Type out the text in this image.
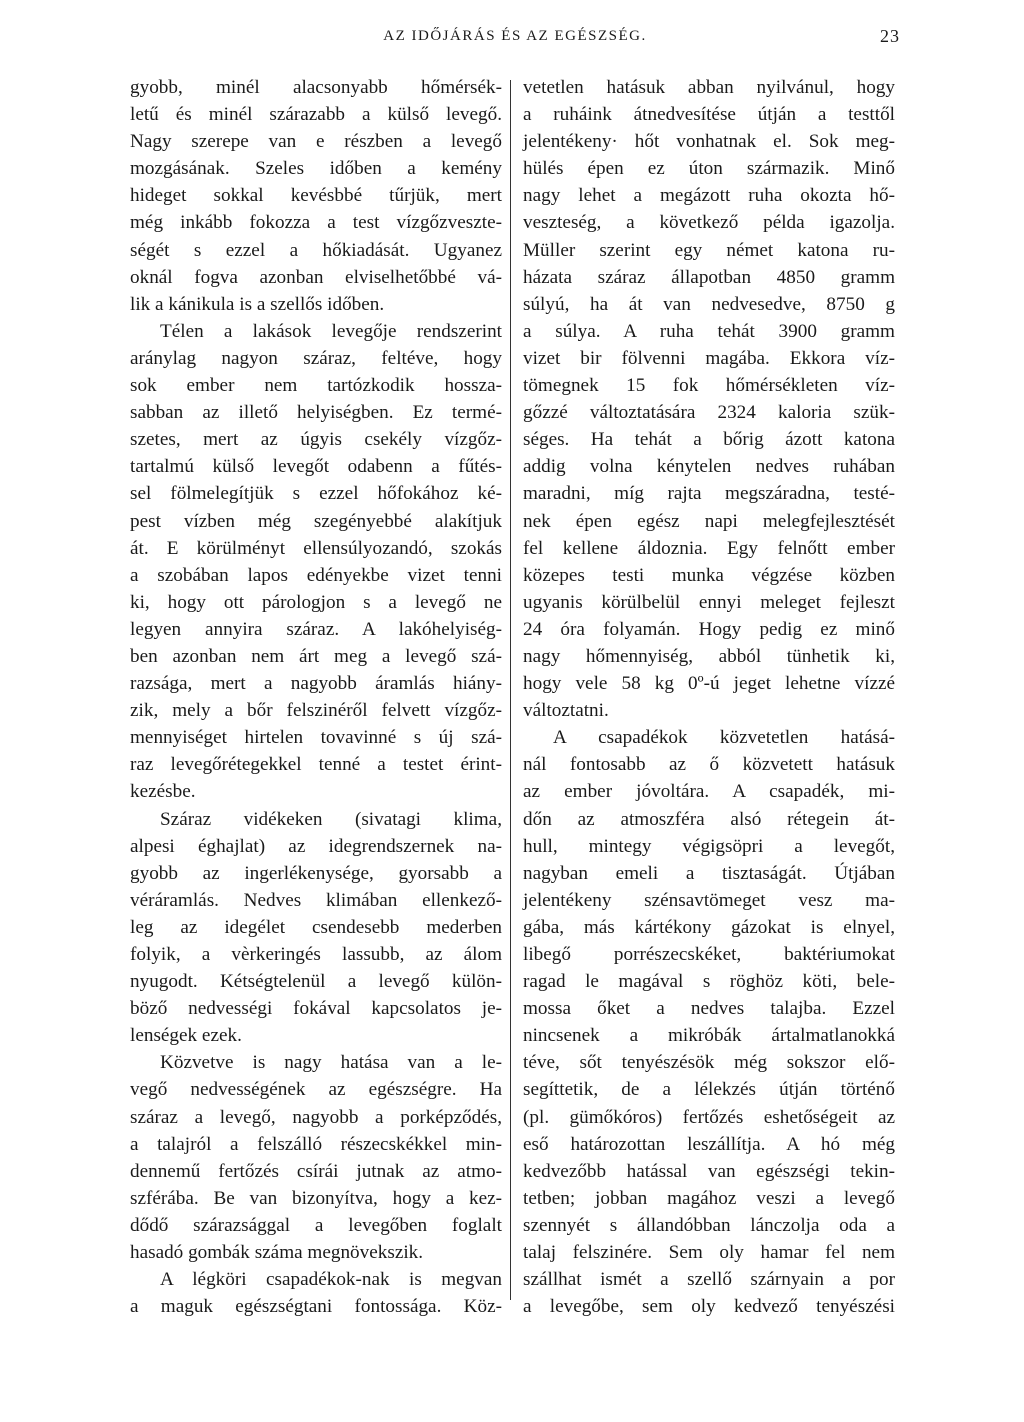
AZ IDŐJÁRÁS ÉS AZ EGÉSZSÉG.	23
gyobb, minél alacsonyabb hőmérsék-
letű és minél szárazabb a külső levegő.
Nagy szerepe van e részben a levegő
mozgásának. Szeles időben a kemény
hideget sokkal kevésbbé tűrjük, mert
még inkább fokozza a test vízgőzveszte-
ségét s ezzel a hőkiadását. Ugyanez
oknál fogva azonban elviselhetőbbé vá-
lik a kánikula is a szellős időben.
Télen a lakások levegője rendszerint
aránylag nagyon száraz, feltéve, hogy
sok ember nem tartózkodik hossza-
sabban az illető helyiségben. Ez termé-
szetes, mert az úgyis csekély vízgőz-
tartalmú külső levegőt odabenn a fűtés-
sel fölmelegítjük s ezzel hőfokához ké-
pest vízben még szegényebbé alakítjuk
át. E körülményt ellensúlyozandó, szokás
a szobában lapos edényekbe vizet tenni
ki, hogy ott párologjon s a levegő ne
legyen annyira száraz. A lakóhelyiség-
ben azonban nem árt meg a levegő szá-
razsága, mert a nagyobb áramlás hiány-
zik, mely a bőr felszinéről felvett vízgőz-
mennyiséget hirtelen tovavinné s új szá-
raz levegőrétegekkel tenné a testet érint-
kezésbe.
Száraz vidékeken (sivatagi klima,
alpesi éghajlat) az idegrendszernek na-
gyobb az ingerlékenysége, gyorsabb a
véráramlás. Nedves klimában ellenkező-
leg az idegélet csendesebb mederben
folyik, a vèrkeringés lassubb, az álom
nyugodt. Kétségtelenül a levegő külön-
böző nedvességi fokával kapcsolatos je-
lenségek ezek.
Közvetve is nagy hatása van a le-
vegő nedvességének az egészségre. Ha
száraz a levegő, nagyobb a porképződés,
a talajról a felszálló részecskékkel min-
dennemű fertőzés csírái jutnak az atmo-
szférába. Be van bizonyítva, hogy a kez-
dődő szárazsággal a levegőben foglalt
hasadó gombák száma megnövekszik.
A légköri csapadékok-nak is megvan
a maguk egészségtani fontossága. Köz-
vetetlen hatásuk abban nyilvánul, hogy
a ruháink átnedvesítése útján a testtől
jelentékeny· hőt vonhatnak el. Sok meg-
hülés épen ez úton származik. Minő
nagy lehet a megázott ruha okozta hő-
veszteség, a következő példa igazolja.
Müller szerint egy német katona ru-
házata száraz állapotban 4850 gramm
súlyú, ha át van nedvesedve, 8750 g
a súlya. A ruha tehát 3900 gramm
vizet bir fölvenni magába. Ekkora víz-
tömegnek 15 fok hőmérsékleten víz-
gőzzé változtatására 2324 kaloria szük-
séges. Ha tehát a bőrig ázott katona
addig volna kénytelen nedves ruhában
maradni, míg rajta megszáradna, testé-
nek épen egész napi melegfejlesztését
fel kellene áldoznia. Egy felnőtt ember
közepes testi munka végzése közben
ugyanis körülbelül ennyi meleget fejleszt
24 óra folyamán. Hogy pedig ez minő
nagy hőmennyiség, abból tünhetik ki,
hogy vele 58 kg 0º-ú jeget lehetne vízzé
változtatni.
A csapadékok közvetetlen hatásá-
nál fontosabb az ő közvetett hatásuk
az ember jóvoltára. A csapadék, mi-
dőn az atmoszféra alsó rétegein át-
hull, mintegy végigsöpri a levegőt,
nagyban emeli a tisztaságát. Útjában
jelentékeny szénsavtömeget vesz ma-
gába, más kártékony gázokat is elnyel,
libegő porrészecskéket, baktériumokat
ragad le magával s röghöz köti, bele-
mossa őket a nedves talajba. Ezzel
nincsenek a mikróbák ártalmatlanokká
téve, sőt tenyészésök még sokszor elő-
segíttetik, de a lélekzés útján történő
(pl. gümőkóros) fertőzés eshetőségeit az
eső határozottan leszállítja. A hó még
kedvezőbb hatással van egészségi tekin-
tetben; jobban magához veszi a levegő
szennyét s állandóbban lánczolja oda a
talaj felszinére. Sem oly hamar fel nem
szállhat ismét a szellő szárnyain a por
a levegőbe, sem oly kedvező tenyészési
